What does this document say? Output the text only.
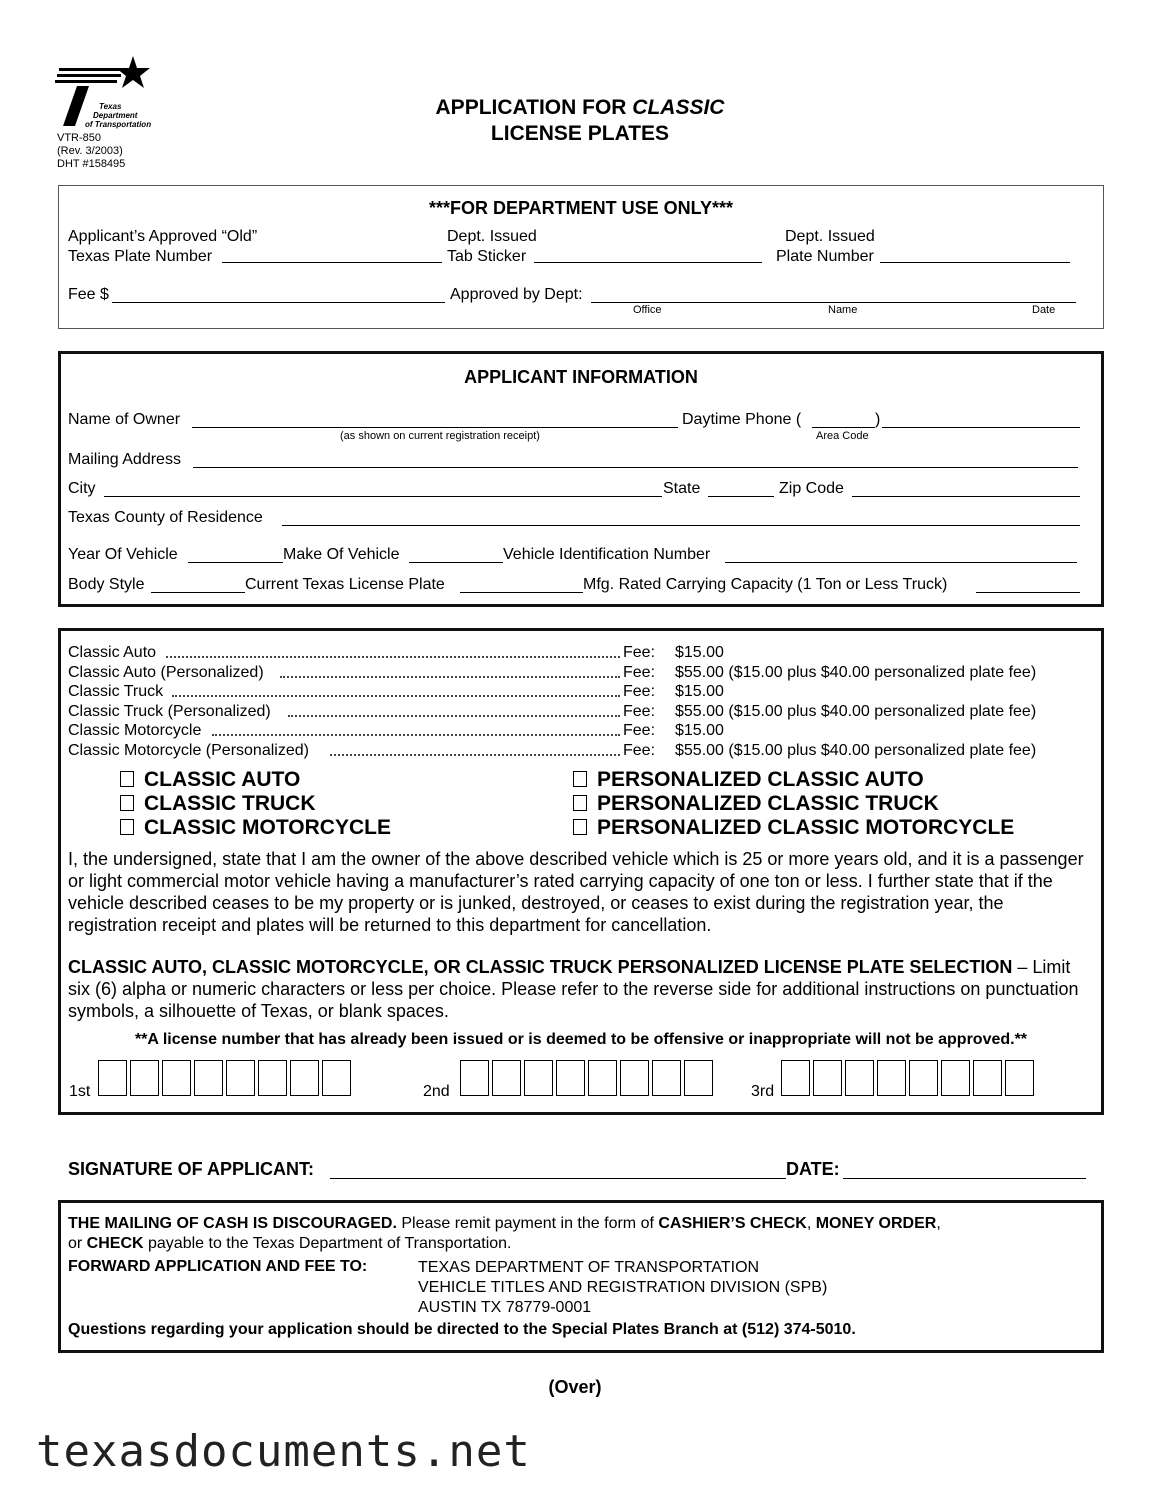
Texas
Department
of Transportation
VTR-850
(Rev. 3/2003)
DHT #158495
APPLICATION FOR CLASSIC
LICENSE PLATES
***FOR DEPARTMENT USE ONLY***
Applicant’s Approved “Old”
Texas Plate Number
Dept. Issued
Tab Sticker
Dept. Issued
Plate Number
Fee $	Approved by Dept:
Office	Name	Date
APPLICANT INFORMATION
Name of Owner
(as shown on current registration receipt)
Daytime Phone (	)
Area Code
Mailing Address
City	State	Zip Code
Texas County of Residence
Year Of Vehicle	Make Of Vehicle	Vehicle Identification Number
Body Style	Current Texas License Plate	Mfg. Rated Carrying Capacity (1 Ton or Less Truck)
Classic Auto	Fee: $15.00
Classic Auto (Personalized)	Fee: $55.00 ($15.00 plus $40.00 personalized plate fee)
Classic Truck	Fee: $15.00
Classic Truck (Personalized)	Fee: $55.00 ($15.00 plus $40.00 personalized plate fee)
Classic Motorcycle	Fee: $15.00
Classic Motorcycle (Personalized)	Fee: $55.00 ($15.00 plus $40.00 personalized plate fee)
CLASSIC AUTO
CLASSIC TRUCK
CLASSIC MOTORCYCLE
PERSONALIZED CLASSIC AUTO
PERSONALIZED CLASSIC TRUCK
PERSONALIZED CLASSIC MOTORCYCLE
I, the undersigned, state that I am the owner of the above described vehicle which is 25 or more years old, and it is a passenger or light commercial motor vehicle having a manufacturer’s rated carrying capacity of one ton or less. I further state that if the vehicle described ceases to be my property or is junked, destroyed, or ceases to exist during the registration year, the registration receipt and plates will be returned to this department for cancellation.
CLASSIC AUTO, CLASSIC MOTORCYCLE, OR CLASSIC TRUCK PERSONALIZED LICENSE PLATE SELECTION – Limit six (6) alpha or numeric characters or less per choice. Please refer to the reverse side for additional instructions on punctuation symbols, a silhouette of Texas, or blank spaces.
**A license number that has already been issued or is deemed to be offensive or inappropriate will not be approved.**
1st	2nd	3rd
SIGNATURE OF APPLICANT:	DATE:
THE MAILING OF CASH IS DISCOURAGED. Please remit payment in the form of CASHIER’S CHECK, MONEY ORDER,
or CHECK payable to the Texas Department of Transportation.
FORWARD APPLICATION AND FEE TO:	TEXAS DEPARTMENT OF TRANSPORTATION
VEHICLE TITLES AND REGISTRATION DIVISION (SPB)
AUSTIN TX 78779-0001
Questions regarding your application should be directed to the Special Plates Branch at (512) 374-5010.
(Over)
texasdocuments.net
